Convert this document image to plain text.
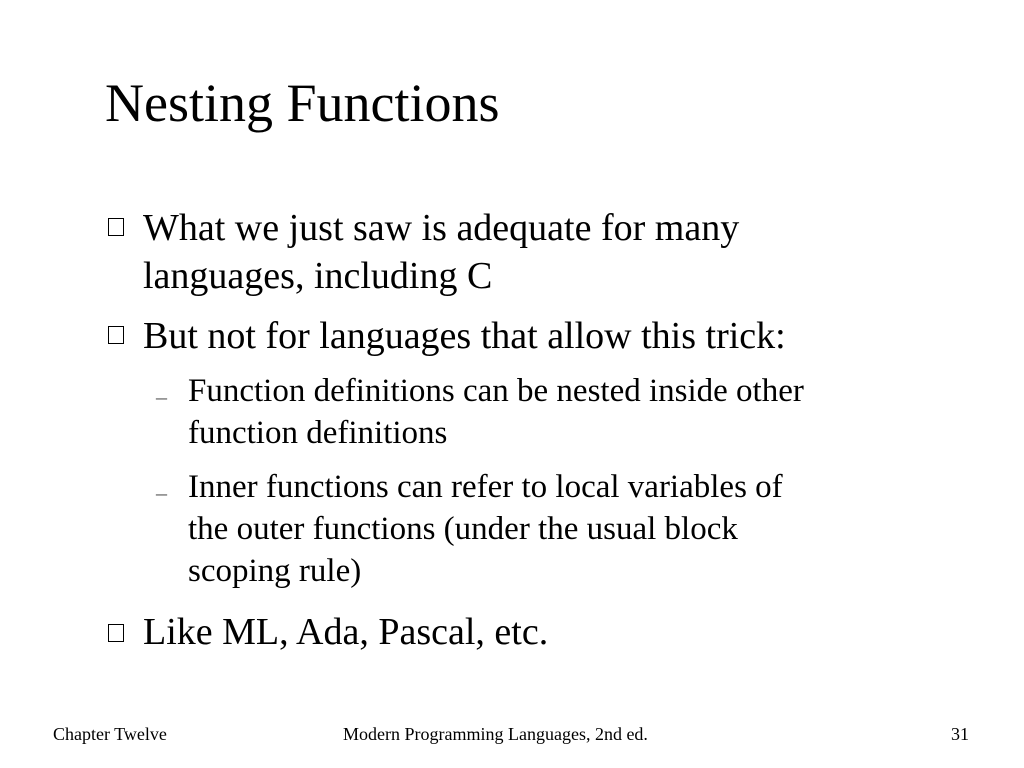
Nesting Functions
What we just saw is adequate for many
languages, including C
But not for languages that allow this trick:
– Function definitions can be nested inside other
function definitions
– Inner functions can refer to local variables of
the outer functions (under the usual block
scoping rule)
Like ML, Ada, Pascal, etc.
Chapter Twelve	Modern Programming Languages, 2nd ed.	31
